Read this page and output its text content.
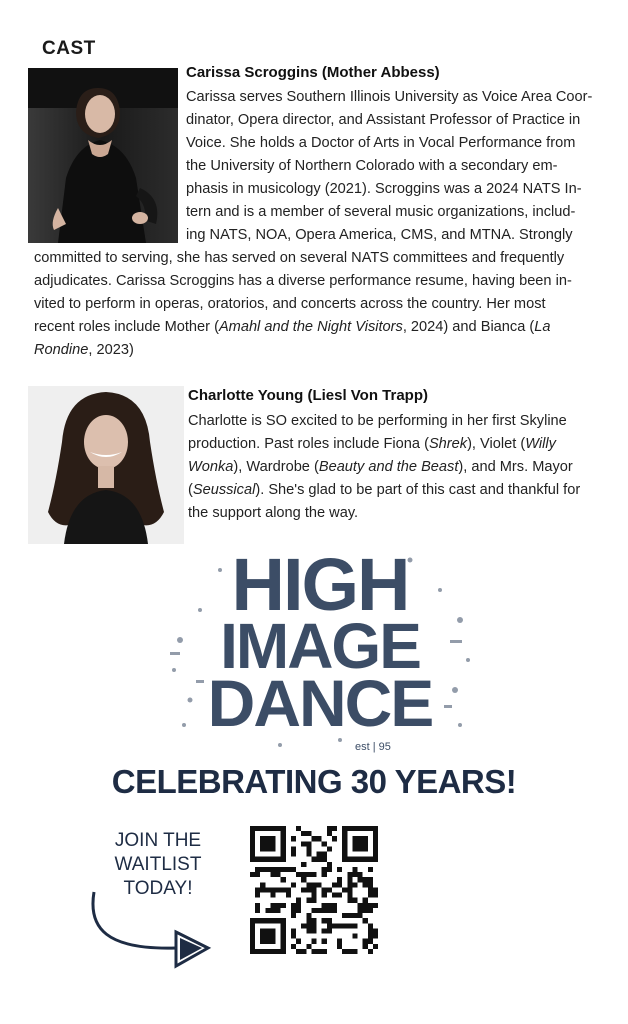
CAST
Carissa Scroggins (Mother Abbess)
Carissa serves Southern Illinois University as Voice Area Coor-
dinator, Opera director, and Assistant Professor of Practice in
Voice. She holds a Doctor of Arts in Vocal Performance from
the University of Northern Colorado with a secondary em-
phasis in musicology (2021). Scroggins was a 2024 NATS In-
tern and is a member of several music organizations, includ-
ing NATS, NOA, Opera America, CMS, and MTNA. Strongly
committed to serving, she has served on several NATS committees and frequently
adjudicates. Carissa Scroggins has a diverse performance resume, having been in-
vited to perform in operas, oratorios, and concerts across the country. Her most
recent roles include Mother (Amahl and the Night Visitors, 2024) and Bianca (La
Rondine, 2023)
Charlotte Young (Liesl Von Trapp)
Charlotte is SO excited to be performing in her first Skyline
production. Past roles include Fiona (Shrek), Violet (Willy
Wonka), Wardrobe (Beauty and the Beast), and Mrs. Mayor
(Seussical). She's glad to be part of this cast and thankful for
the support along the way.
HIGH
IMAGE
DANCE
est | 95
CELEBRATING 30 YEARS!
JOIN THE
WAITLIST
TODAY!
